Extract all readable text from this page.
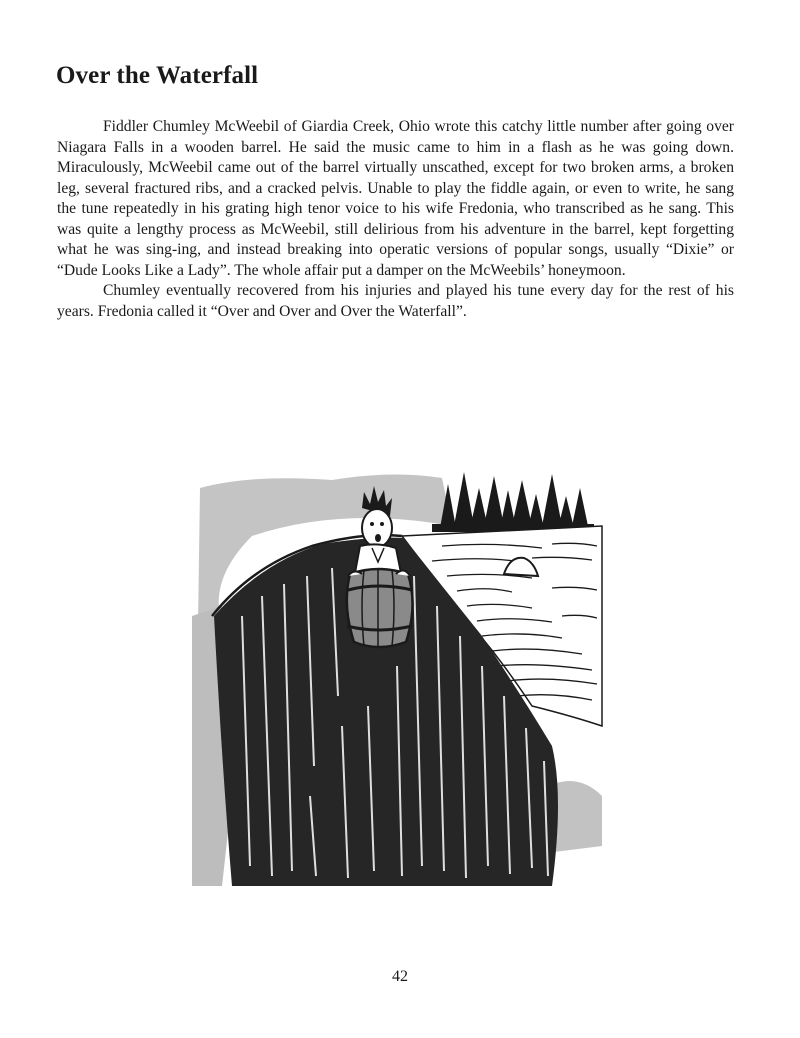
Over the Waterfall

Fiddler Chumley McWeebil of Giardia Creek, Ohio wrote this catchy little number after going over Niagara Falls in a wooden barrel. He said the music came to him in a flash as he was going down. Miraculously, McWeebil came out of the barrel virtually unscathed, except for two broken arms, a broken leg, several fractured ribs, and a cracked pelvis. Unable to play the fiddle again, or even to write, he sang the tune repeatedly in his grating high tenor voice to his wife Fredonia, who transcribed as he sang. This was quite a lengthy process as McWeebil, still delirious from his adventure in the barrel, kept forgetting what he was sing-ing, and instead breaking into operatic versions of popular songs, usually “Dixie” or “Dude Looks Like a Lady”. The whole affair put a damper on the McWeebils’ honeymoon.

Chumley eventually recovered from his injuries and played his tune every day for the rest of his years. Fredonia called it “Over and Over and Over the Waterfall”.

42
